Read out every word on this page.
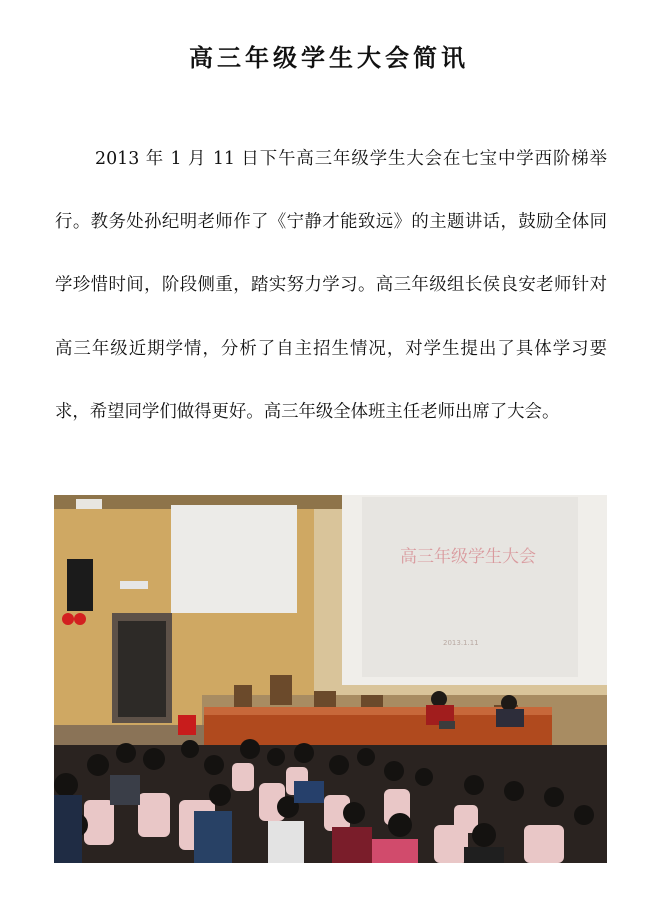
高三年级学生大会简讯
2013 年 1 月 11 日下午高三年级学生大会在七宝中学西阶梯举行。教务处孙纪明老师作了《宁静才能致远》的主题讲话，鼓励全体同学珍惜时间，阶段侧重，踏实努力学习。高三年级组长侯良安老师针对高三年级近期学情，分析了自主招生情况，对学生提出了具体学习要求，希望同学们做得更好。高三年级全体班主任老师出席了大会。
高三年级学生大会
2013.1.11
